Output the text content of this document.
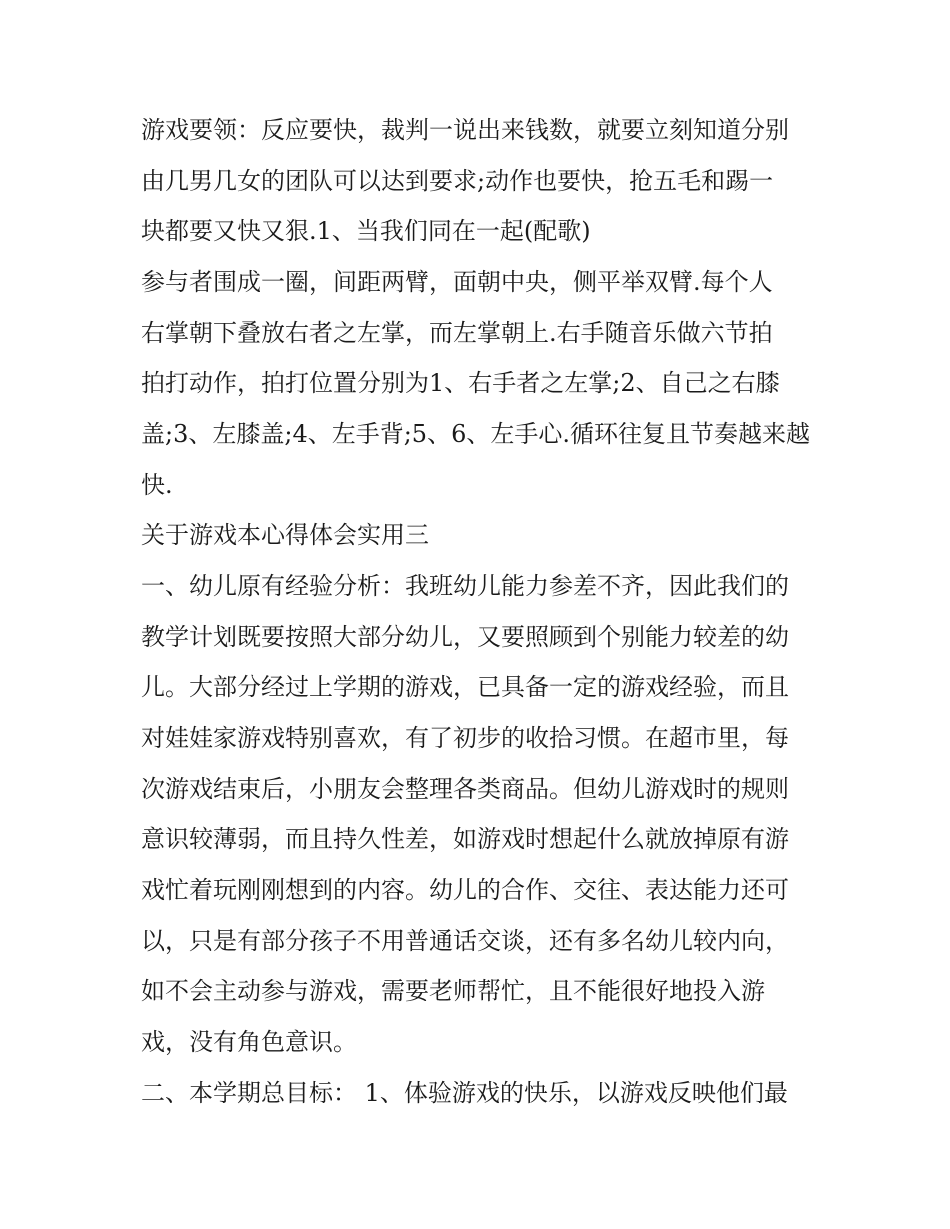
游戏要领：反应要快，裁判一说出来钱数，就要立刻知道分别
由几男几女的团队可以达到要求;动作也要快，抢五毛和踢一
块都要又快又狠.1、当我们同在一起(配歌)
参与者围成一圈，间距两臂，面朝中央，侧平举双臂.每个人
右掌朝下叠放右者之左掌，而左掌朝上.右手随音乐做六节拍
拍打动作，拍打位置分别为1、右手者之左掌;2、自己之右膝
盖;3、左膝盖;4、左手背;5、6、左手心.循环往复且节奏越来越
快.
关于游戏本心得体会实用三
一、幼儿原有经验分析：我班幼儿能力参差不齐，因此我们的
教学计划既要按照大部分幼儿，又要照顾到个别能力较差的幼
儿。大部分经过上学期的游戏，已具备一定的游戏经验，而且
对娃娃家游戏特别喜欢，有了初步的收拾习惯。在超市里，每
次游戏结束后，小朋友会整理各类商品。但幼儿游戏时的规则
意识较薄弱，而且持久性差，如游戏时想起什么就放掉原有游
戏忙着玩刚刚想到的内容。幼儿的合作、交往、表达能力还可
以，只是有部分孩子不用普通话交谈，还有多名幼儿较内向，
如不会主动参与游戏，需要老师帮忙，且不能很好地投入游
戏，没有角色意识。
二、本学期总目标： 1、体验游戏的快乐，以游戏反映他们最
